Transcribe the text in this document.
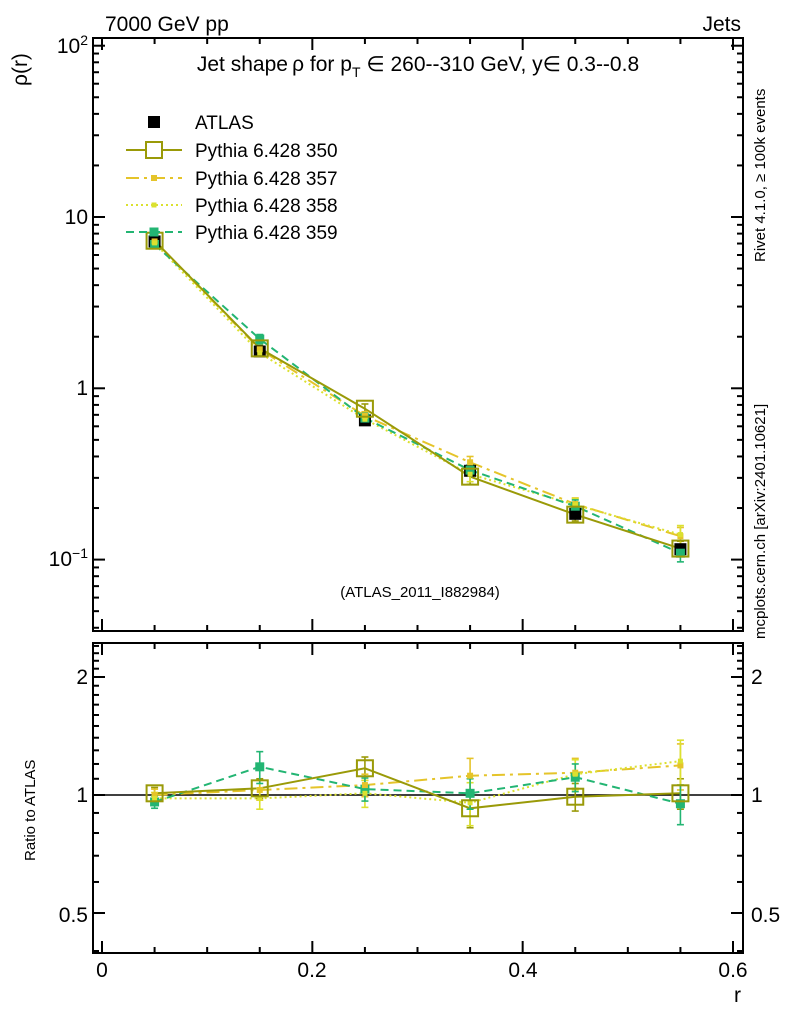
7000 GeV pp	Jets
Jet shape ρ for $p_T$ ∈ 260--310 GeV, y∈ 0.3--0.8
ρ(r)
$10^2$
10
1
$10^{-1}$
ATLAS
Pythia 6.428 350
Pythia 6.428 357
Pythia 6.428 358
Pythia 6.428 359
(ATLAS_2011_I882984)
Rivet 4.1.0, ≥ 100k events
mcplots.cern.ch [arXiv:2401.10621]
Ratio to ATLAS
2
1
0.5
2
1
0.5
0	0.2	0.4	0.6
r
